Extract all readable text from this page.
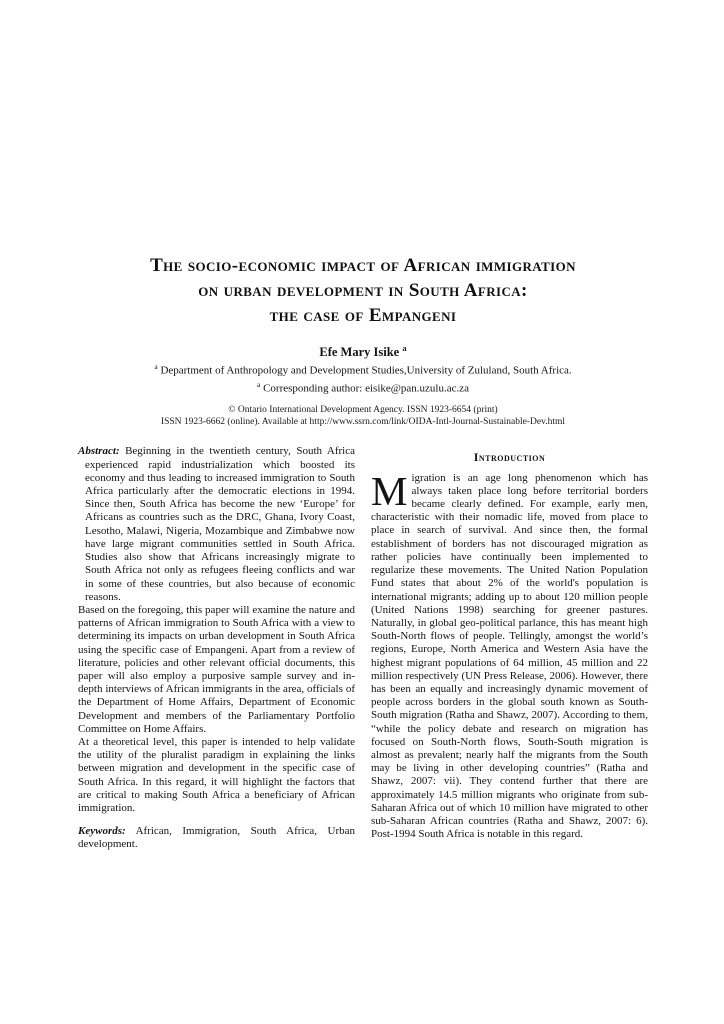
The socio-economic impact of African immigration
on urban development in South Africa:
the case of Empangeni
Efe Mary Isike $^a$
$^a$ Department of Anthropology and Development Studies,University of Zululand, South Africa.
$^a$ Corresponding author: eisike@pan.uzulu.ac.za
© Ontario International Development Agency. ISSN 1923-6654 (print)
ISSN 1923-6662 (online). Available at http://www.ssrn.com/link/OIDA-Intl-Journal-Sustainable-Dev.html

Abstract: Beginning in the twentieth century, South Africa experienced rapid industrialization which boosted its economy and thus leading to increased immigration to South Africa particularly after the democratic elections in 1994. Since then, South Africa has become the new ‘Europe’ for Africans as countries such as the DRC, Ghana, Ivory Coast, Lesotho, Malawi, Nigeria, Mozambique and Zimbabwe now have large migrant communities settled in South Africa. Studies also show that Africans increasingly migrate to South Africa not only as refugees fleeing conflicts and war in some of these countries, but also because of economic reasons.

Based on the foregoing, this paper will examine the nature and patterns of African immigration to South Africa with a view to determining its impacts on urban development in South Africa using the specific case of Empangeni. Apart from a review of literature, policies and other relevant official documents, this paper will also employ a purposive sample survey and in-depth interviews of African immigrants in the area, officials of the Department of Home Affairs, Department of Economic Development and members of the Parliamentary Portfolio Committee on Home Affairs.

At a theoretical level, this paper is intended to help validate the utility of the pluralist paradigm in explaining the links between migration and development in the specific case of South Africa. In this regard, it will highlight the factors that are critical to making South Africa a beneficiary of African immigration.

Keywords: African, Immigration, South Africa, Urban development.

Introduction

Migration is an age long phenomenon which has always taken place long before territorial borders became clearly defined. For example, early men, characteristic with their nomadic life, moved from place to place in search of survival. And since then, the formal establishment of borders has not discouraged migration as rather policies have continually been implemented to regularize these movements. The United Nation Population Fund states that about 2% of the world's population is international migrants; adding up to about 120 million people (United Nations 1998) searching for greener pastures. Naturally, in global geo-political parlance, this has meant high South-North flows of people. Tellingly, amongst the world’s regions, Europe, North America and Western Asia have the highest migrant populations of 64 million, 45 million and 22 million respectively (UN Press Release, 2006). However, there has been an equally and increasingly dynamic movement of people across borders in the global south known as South-South migration (Ratha and Shawz, 2007). According to them, “while the policy debate and research on migration has focused on South-North flows, South-South migration is almost as prevalent; nearly half the migrants from the South may be living in other developing countries” (Ratha and Shawz, 2007: vii). They contend further that there are approximately 14.5 million migrants who originate from sub-Saharan Africa out of which 10 million have migrated to other sub-Saharan African countries (Ratha and Shawz, 2007: 6). Post-1994 South Africa is notable in this regard.
